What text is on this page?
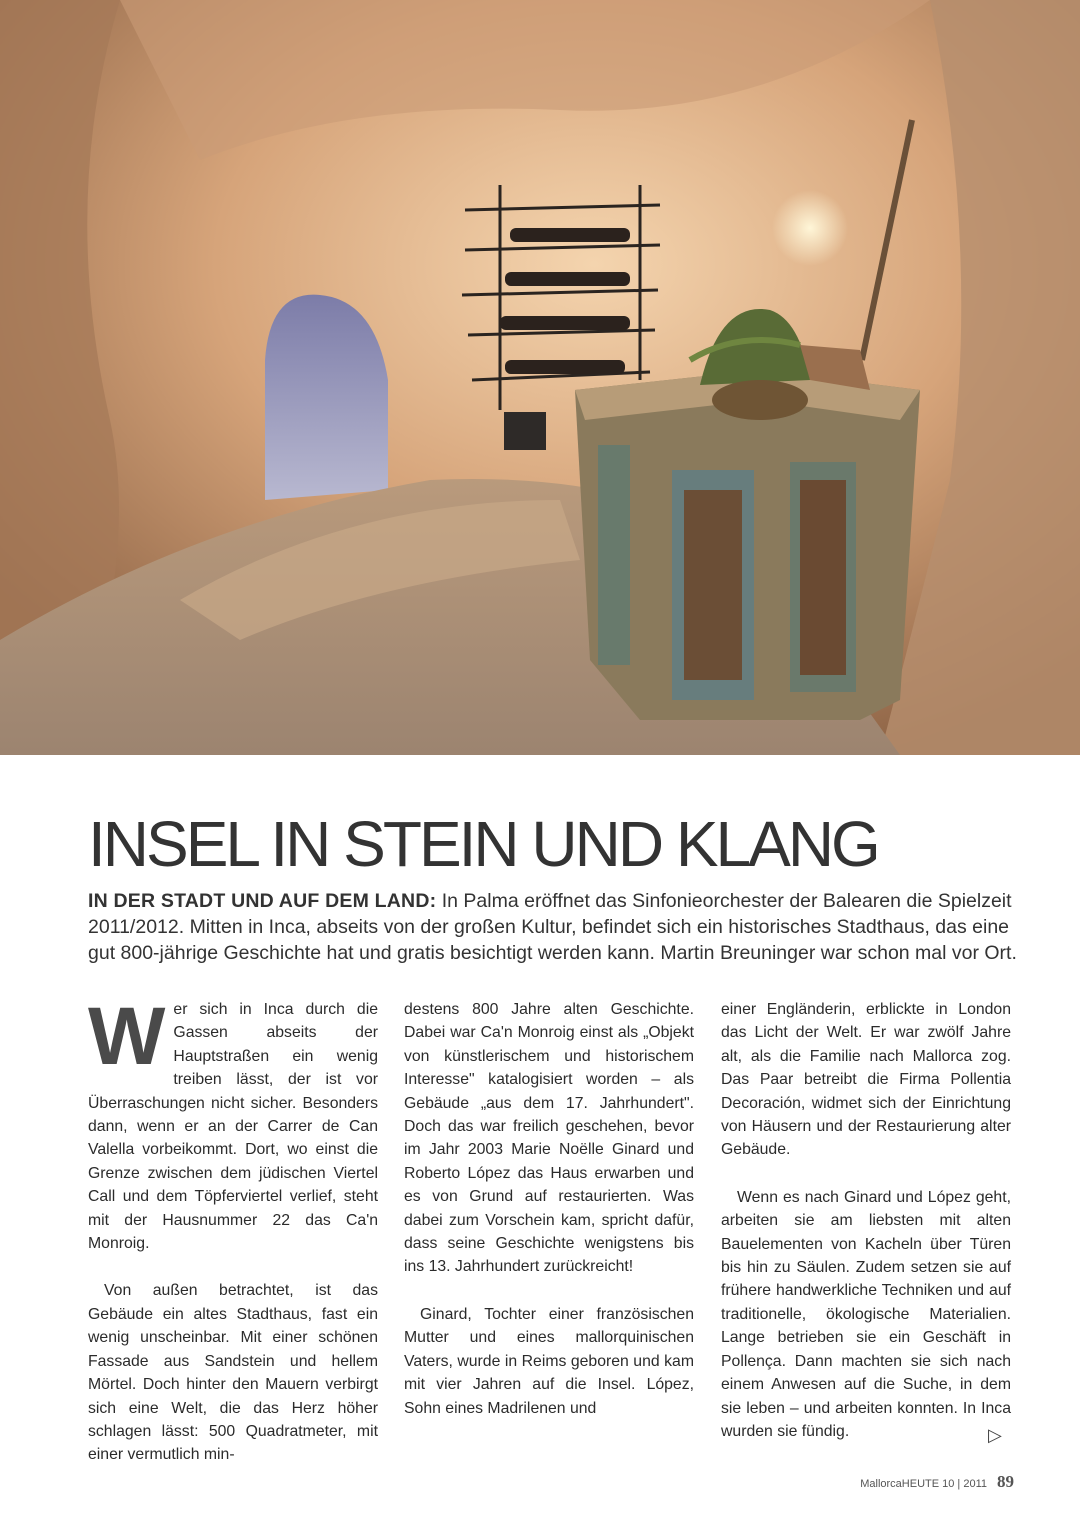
INSEL IN STEIN UND KLANG

IN DER STADT UND AUF DEM LAND: In Palma eröffnet das Sinfonieorchester der Balearen die Spielzeit 2011/2012. Mitten in Inca, abseits von der großen Kultur, befindet sich ein historisches Stadthaus, das eine gut 800-jährige Geschichte hat und gratis besichtigt werden kann. Martin Breuninger war schon mal vor Ort.

Wer sich in Inca durch die Gassen abseits der Hauptstraßen ein wenig treiben lässt, der ist vor Überraschungen nicht sicher. Besonders dann, wenn er an der Carrer de Can Valella vorbeikommt. Dort, wo einst die Grenze zwischen dem jüdischen Viertel Call und dem Töpferviertel verlief, steht mit der Hausnummer 22 das Ca'n Monroig.

Von außen betrachtet, ist das Gebäude ein altes Stadthaus, fast ein wenig unscheinbar. Mit einer schönen Fassade aus Sandstein und hellem Mörtel. Doch hinter den Mauern verbirgt sich eine Welt, die das Herz höher schlagen lässt: 500 Quadratmeter, mit einer vermutlich min-

destens 800 Jahre alten Geschichte. Dabei war Ca'n Monroig einst als „Objekt von künstlerischem und historischem Interesse" katalogisiert worden – als Gebäude „aus dem 17. Jahrhundert". Doch das war freilich geschehen, bevor im Jahr 2003 Marie Noëlle Ginard und Roberto López das Haus erwarben und es von Grund auf restaurierten. Was dabei zum Vorschein kam, spricht dafür, dass seine Geschichte wenigstens bis ins 13. Jahrhundert zurückreicht!

Ginard, Tochter einer französischen Mutter und eines mallorquinischen Vaters, wurde in Reims geboren und kam mit vier Jahren auf die Insel. López, Sohn eines Madrilenen und

einer Engländerin, erblickte in London das Licht der Welt. Er war zwölf Jahre alt, als die Familie nach Mallorca zog. Das Paar betreibt die Firma Pollentia Decoración, widmet sich der Einrichtung von Häusern und der Restaurierung alter Gebäude.

Wenn es nach Ginard und López geht, arbeiten sie am liebsten mit alten Bauelementen von Kacheln über Türen bis hin zu Säulen. Zudem setzen sie auf frühere handwerkliche Techniken und auf traditionelle, ökologische Materialien. Lange betrieben sie ein Geschäft in Pollença. Dann machten sie sich nach einem Anwesen auf die Suche, in dem sie leben – und arbeiten konnten. In Inca wurden sie fündig.	▷
MallorcaHEUTE 10 | 2011 89
